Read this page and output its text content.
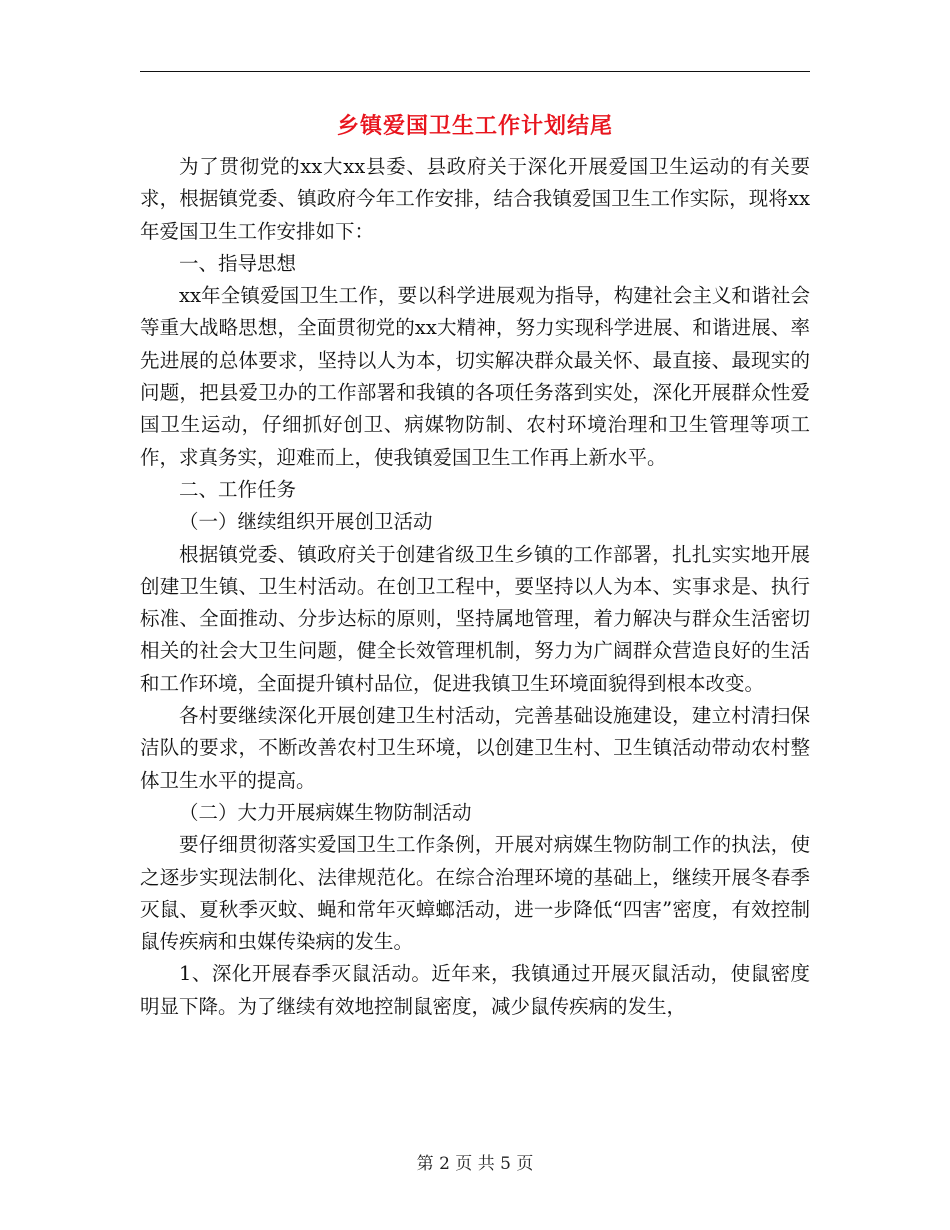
乡镇爱国卫生工作计划结尾

为了贯彻党的xx大xx县委、县政府关于深化开展爱国卫生运动的有关要求，根据镇党委、镇政府今年工作安排，结合我镇爱国卫生工作实际，现将xx年爱国卫生工作安排如下：

一、指导思想

xx年全镇爱国卫生工作，要以科学进展观为指导，构建社会主义和谐社会等重大战略思想，全面贯彻党的xx大精神，努力实现科学进展、和谐进展、率先进展的总体要求，坚持以人为本，切实解决群众最关怀、最直接、最现实的问题，把县爱卫办的工作部署和我镇的各项任务落到实处，深化开展群众性爱国卫生运动，仔细抓好创卫、病媒物防制、农村环境治理和卫生管理等项工作，求真务实，迎难而上，使我镇爱国卫生工作再上新水平。

二、工作任务

（一）继续组织开展创卫活动

根据镇党委、镇政府关于创建省级卫生乡镇的工作部署，扎扎实实地开展创建卫生镇、卫生村活动。在创卫工程中，要坚持以人为本、实事求是、执行标准、全面推动、分步达标的原则，坚持属地管理，着力解决与群众生活密切相关的社会大卫生问题，健全长效管理机制，努力为广阔群众营造良好的生活和工作环境，全面提升镇村品位，促进我镇卫生环境面貌得到根本改变。

各村要继续深化开展创建卫生村活动，完善基础设施建设，建立村清扫保洁队的要求，不断改善农村卫生环境，以创建卫生村、卫生镇活动带动农村整体卫生水平的提高。

（二）大力开展病媒生物防制活动

要仔细贯彻落实爱国卫生工作条例，开展对病媒生物防制工作的执法，使之逐步实现法制化、法律规范化。在综合治理环境的基础上，继续开展冬春季灭鼠、夏秋季灭蚊、蝇和常年灭蟑螂活动，进一步降低“四害”密度，有效控制鼠传疾病和虫媒传染病的发生。

1、深化开展春季灭鼠活动。近年来，我镇通过开展灭鼠活动，使鼠密度明显下降。为了继续有效地控制鼠密度，减少鼠传疾病的发生，

第 2 页 共 5 页
